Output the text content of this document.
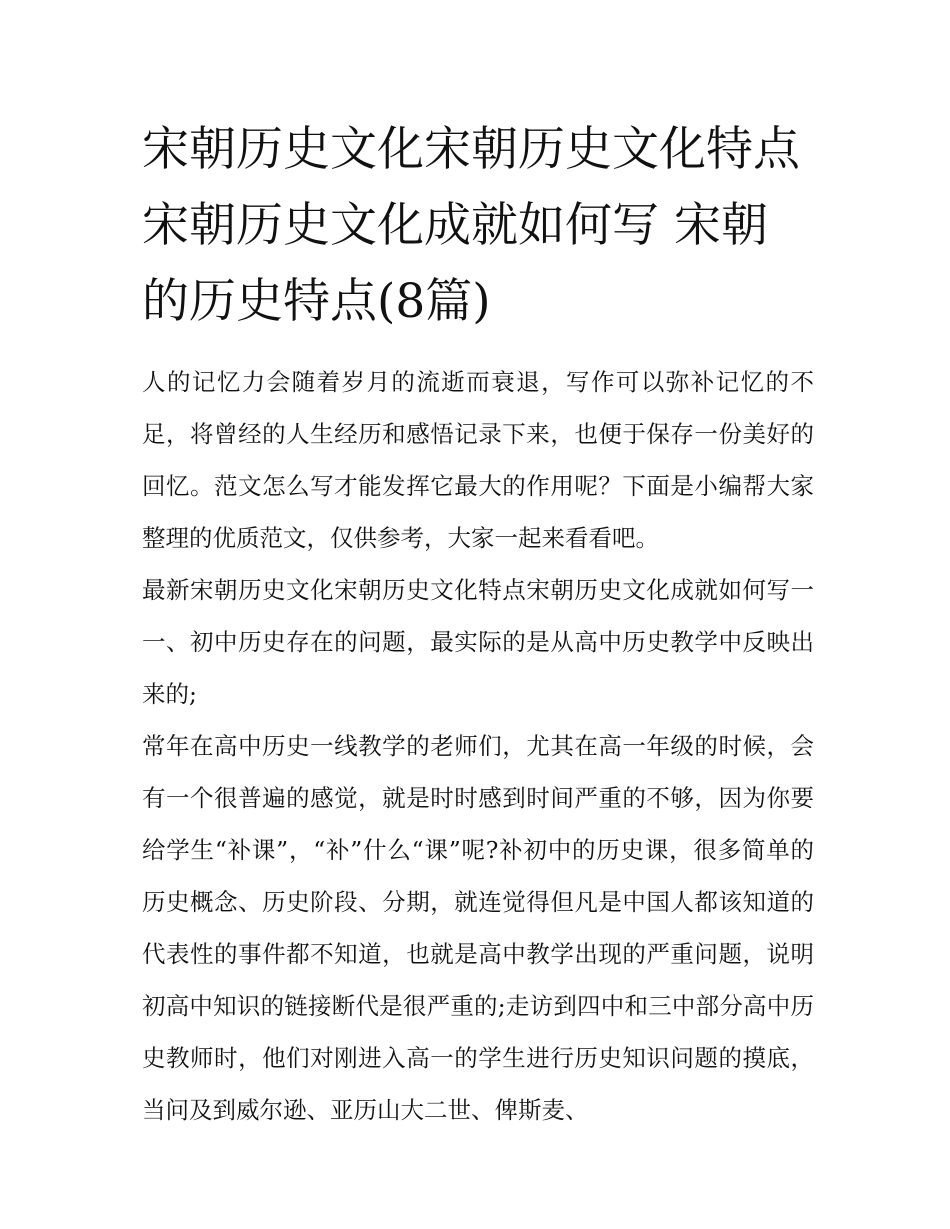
宋朝历史文化宋朝历史文化特点宋朝历史文化成就如何写 宋朝的历史特点(8篇)

人的记忆力会随着岁月的流逝而衰退，写作可以弥补记忆的不足，将曾经的人生经历和感悟记录下来，也便于保存一份美好的回忆。范文怎么写才能发挥它最大的作用呢？下面是小编帮大家整理的优质范文，仅供参考，大家一起来看看吧。

最新宋朝历史文化宋朝历史文化特点宋朝历史文化成就如何写一 一、初中历史存在的问题，最实际的是从高中历史教学中反映出来的;

常年在高中历史一线教学的老师们，尤其在高一年级的时候，会有一个很普遍的感觉，就是时时感到时间严重的不够，因为你要给学生“补课”，“补”什么“课”呢?补初中的历史课，很多简单的历史概念、历史阶段、分期，就连觉得但凡是中国人都该知道的代表性的事件都不知道，也就是高中教学出现的严重问题，说明初高中知识的链接断代是很严重的;走访到四中和三中部分高中历史教师时，他们对刚进入高一的学生进行历史知识问题的摸底，当问及到威尔逊、亚历山大二世、俾斯麦、
